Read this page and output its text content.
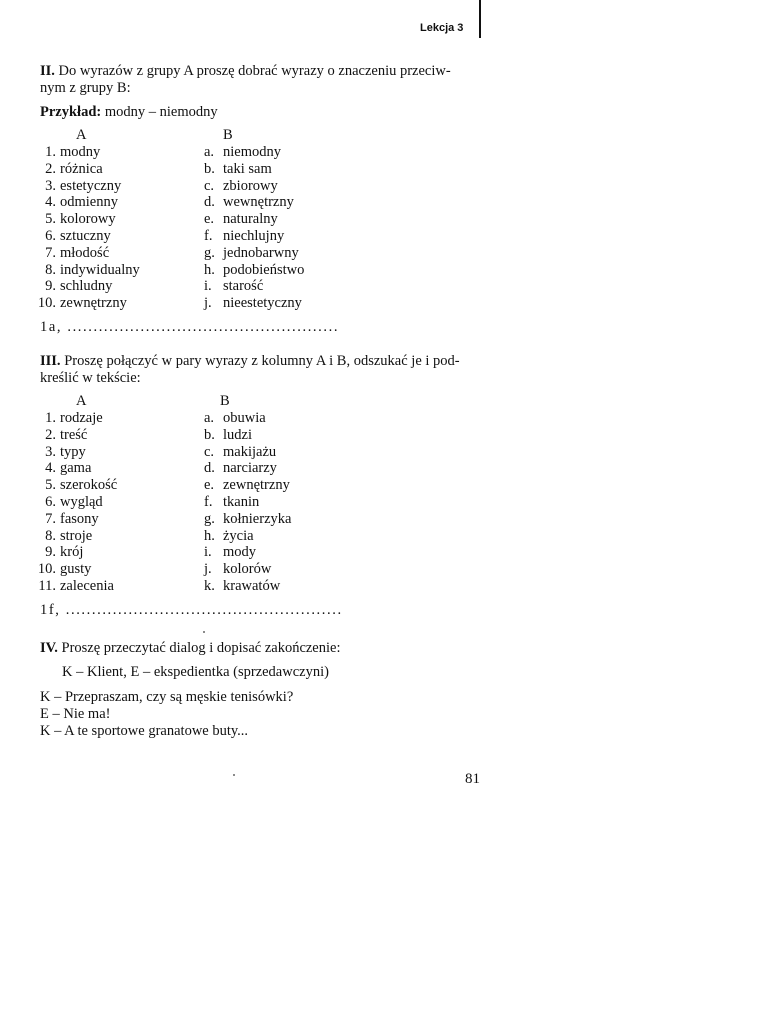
Lekcja 3
II. Do wyrazów z grupy A proszę dobrać wyrazy o znaczeniu przeciw-
nym z grupy B:
Przykład: modny – niemodny
A	B
1. modny
2. różnica
3. estetyczny
4. odmienny
5. kolorowy
6. sztuczny
7. młodość
8. indywidualny
9. schludny
10. zewnętrzny
a. niemodny
b. taki sam
c. zbiorowy
d. wewnętrzny
e. naturalny
f. niechlujny
g. jednobarwny
h. podobieństwo
i. starość
j. nieestetyczny
1a, ....................................................
III. Proszę połączyć w pary wyrazy z kolumny A i B, odszukać je i pod-
kreślić w tekście:
A	B
1. rodzaje
2. treść
3. typy
4. gama
5. szerokość
6. wygląd
7. fasony
8. stroje
9. krój
10. gusty
11. zalecenia
a. obuwia
b. ludzi
c. makijażu
d. narciarzy
e. zewnętrzny
f. tkanin
g. kołnierzyka
h. życia
i. mody
j. kolorów
k. krawatów
1f, .....................................................
IV. Proszę przeczytać dialog i dopisać zakończenie:
K – Klient, E – ekspedientka (sprzedawczyni)
K – Przepraszam, czy są męskie tenisówki?
E – Nie ma!
K – A te sportowe granatowe buty...
81
